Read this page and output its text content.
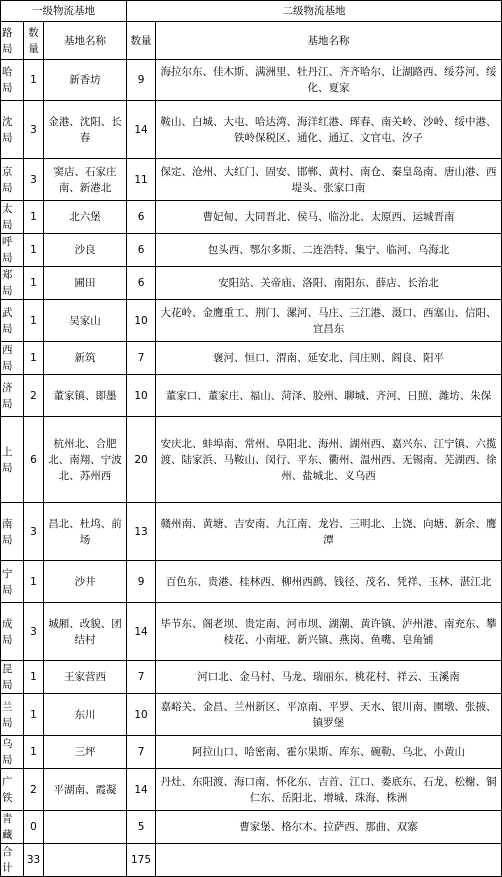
一级物流基地			二级物流基地	
路局	数量	基地名称	数量	基地名称
哈局	1	新香坊	9	海拉尔东、佳木斯、满洲里、牡丹江、齐齐哈尔、让湖路西、绥芬河、绥化、夏家
沈局	3	金港、沈阳、长春	14	鞍山、白城、大屯、哈达湾、海洋红港、珲春、南关岭、沙岭、绥中港、铁岭保税区、通化、通辽、文官屯、汐子
京局	3	窦店、石家庄南、新港北	11	保定、沧州、大红门、固安、邯郸、黄村、南仓、秦皇岛南、唐山港、西堤头、张家口南
太局	1	北六堡	6	曹妃甸、大同晋北、侯马、临汾北、太原西、运城晋南
呼局	1	沙良	6	包头西、鄂尔多斯、二连浩特、集宁、临河、乌海北
郑局	1	圃田	6	安阳站、关帝庙、洛阳、南阳东、薛店、长治北
武局	1	吴家山	10	大花岭、金鹰重工、荆门、漯河、马庄、三江港、滠口、西塞山、信阳、宜昌东
西局	1	新筑	7	褒河、恒口、渭南、延安北、闫庄则、阎良、阳平
济局	2	董家镇、即墨	10	董家口、董家庄、福山、菏泽、胶州、聊城、齐河、日照、潍坊、朱保
上局	6	杭州北、合肥北、南翔、宁波北、苏州西	20	安庆北、蚌埠南、常州、阜阳北、海州、湖州西、嘉兴东、江宁镇、六揽渡、陆家浜、马鞍山、闵行、平东、衢州、温州西、无锡南、芜湖西、徐州、盐城北、义乌西
南局	3	昌北、杜坞、前场	13	赣州南、黄塘、吉安南、九江南、龙岩、三明北、上饶、向塘、新余、鹰潭
宁局	1	沙井	9	百色东、贵港、桂林西、柳州西鹧、钱径、茂名、凭祥、玉林、湛江北
成局	3	城厢、改貌、团结村	14	毕节东、阁老坝、贵定南、河市坝、湖潮、黄许镇、泸州港、南充东、攀枝花、小南垭、新兴镇、燕岗、鱼嘴、皂角铺
昆局	1	王家营西	7	河口北、金马村、马龙、瑞丽东、桃花村、祥云、玉溪南
兰局	1	东川	10	嘉峪关、金昌、兰州新区、平凉南、平罗、天水、银川南、園墩、张掖、镇罗堡
乌局	1	三坪	7	阿拉山口、哈密南、霍尔果斯、库东、碗勒、乌北、小黄山
广铁	2	平湖南、霞凝	14	丹灶、东阳渡、海口南、怀化东、吉首、江口、娄底东、石龙、松榭、铜仁东、岳阳北、增城、珠海、株洲
青藏	0		5	曹家堡、格尔木、拉萨西、那曲、双寨
合计	33		175	
